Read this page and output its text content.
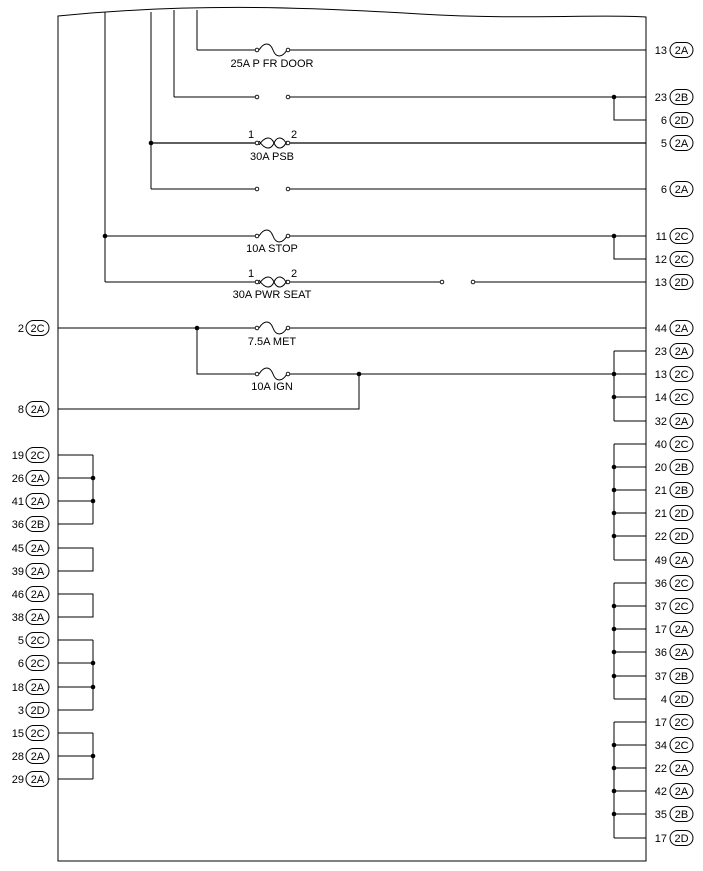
25A P FR DOOR
1	2
30A PSB
10A STOP
1	2
30A PWR SEAT
7.5A MET
10A IGN
13 2A
23 2B
6 2D
5 2A
6 2A
11 2C
12 2C
13 2D
44 2A
23 2A
13 2C
14 2C
32 2A
40 2C
20 2B
21 2B
21 2D
22 2D
49 2A
36 2C
37 2C
17 2A
36 2A
37 2B
4 2D
17 2C
34 2C
22 2A
42 2A
35 2B
17 2D
2 2C
8 2A
19 2C
26 2A
41 2A
36 2B
45 2A
39 2A
46 2A
38 2A
5 2C
6 2C
18 2A
3 2D
15 2C
28 2A
29 2A
